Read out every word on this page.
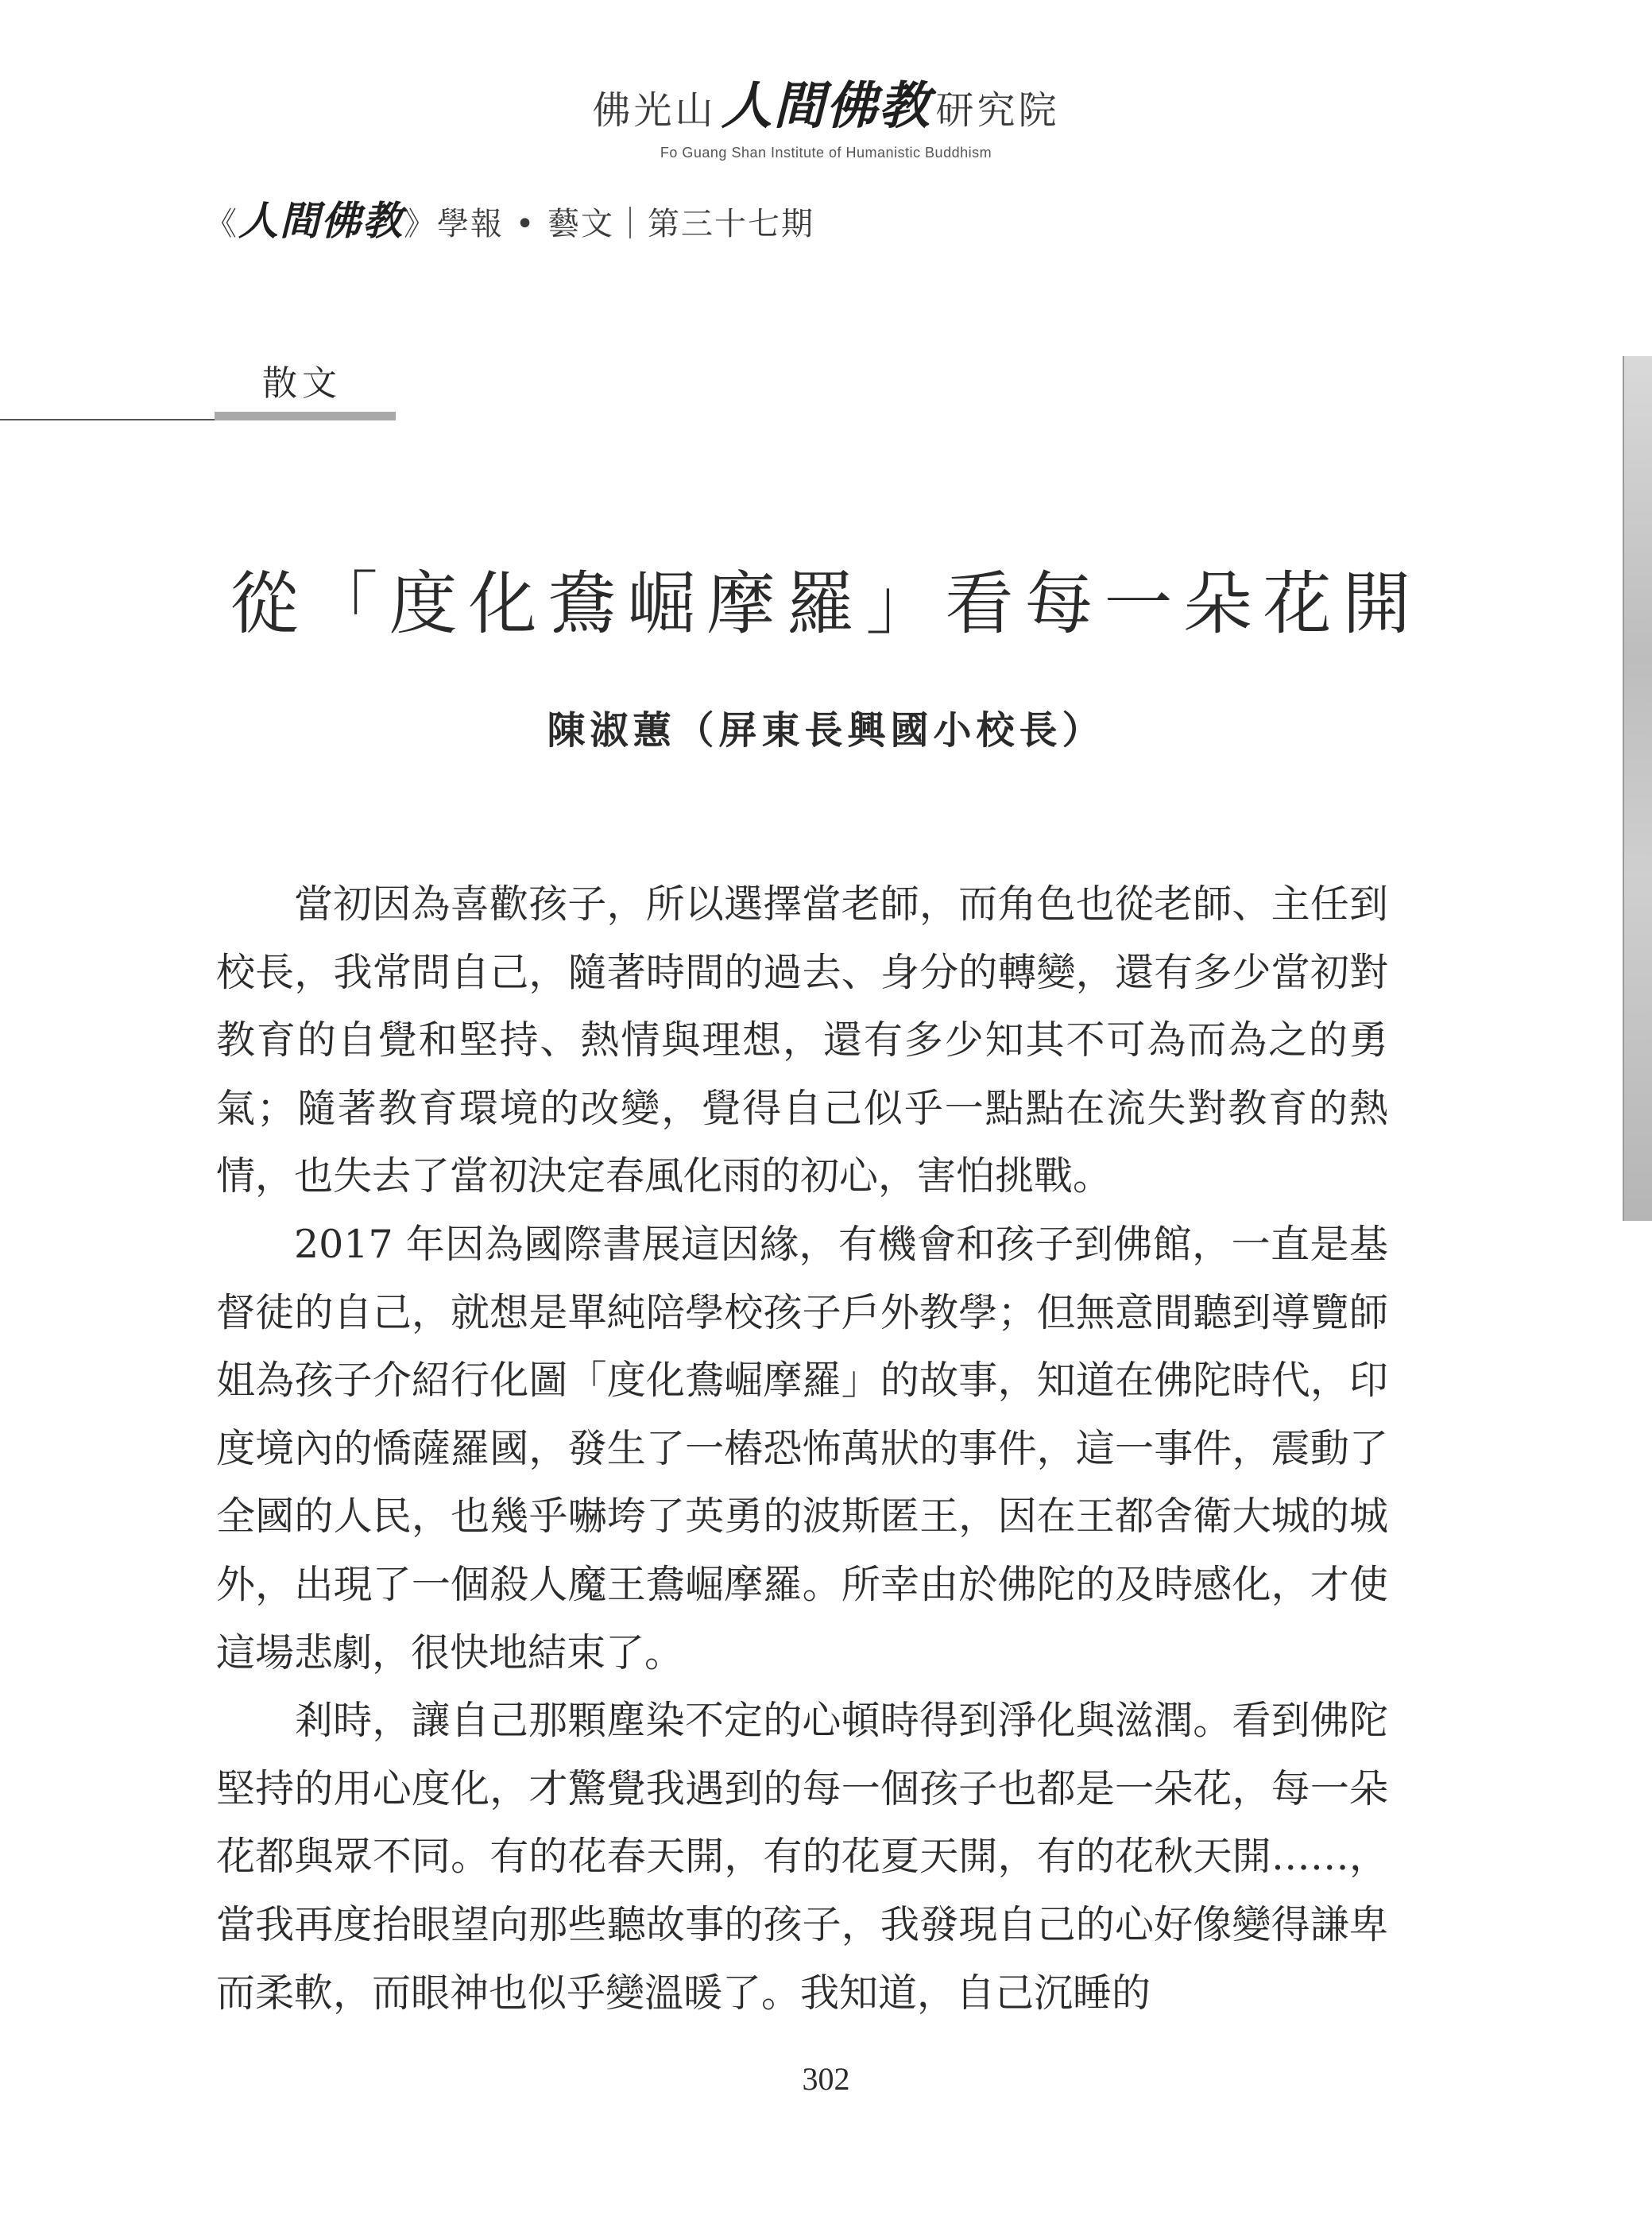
佛光山人間佛教 研究院
Fo Guang Shan Institute of Humanistic Buddhism
《人間佛教》學報 • 藝文｜第三十七期
散文
從「度化鴦崛摩羅」看每一朵花開
陳淑蕙（屏東長興國小校長）

當初因為喜歡孩子，所以選擇當老師，而角色也從老師、主任到校長，我常問自己，隨著時間的過去、身分的轉變，還有多少當初對教育的自覺和堅持、熱情與理想，還有多少知其不可為而為之的勇氣；隨著教育環境的改變，覺得自己似乎一點點在流失對教育的熱情，也失去了當初決定春風化雨的初心，害怕挑戰。

2017 年因為國際書展這因緣，有機會和孩子到佛館，一直是基督徒的自己，就想是單純陪學校孩子戶外教學；但無意間聽到導覽師姐為孩子介紹行化圖「度化鴦崛摩羅」的故事，知道在佛陀時代，印度境內的憍薩羅國，發生了一樁恐怖萬狀的事件，這一事件，震動了全國的人民，也幾乎嚇垮了英勇的波斯匿王，因在王都舍衛大城的城外，出現了一個殺人魔王鴦崛摩羅。所幸由於佛陀的及時感化，才使這場悲劇，很快地結束了。

剎時，讓自己那顆塵染不定的心頓時得到淨化與滋潤。看到佛陀堅持的用心度化，才驚覺我遇到的每一個孩子也都是一朵花，每一朵花都與眾不同。有的花春天開，有的花夏天開，有的花秋天開……，當我再度抬眼望向那些聽故事的孩子，我發現自己的心好像變得謙卑而柔軟，而眼神也似乎變溫暖了。我知道，自己沉睡的

302
